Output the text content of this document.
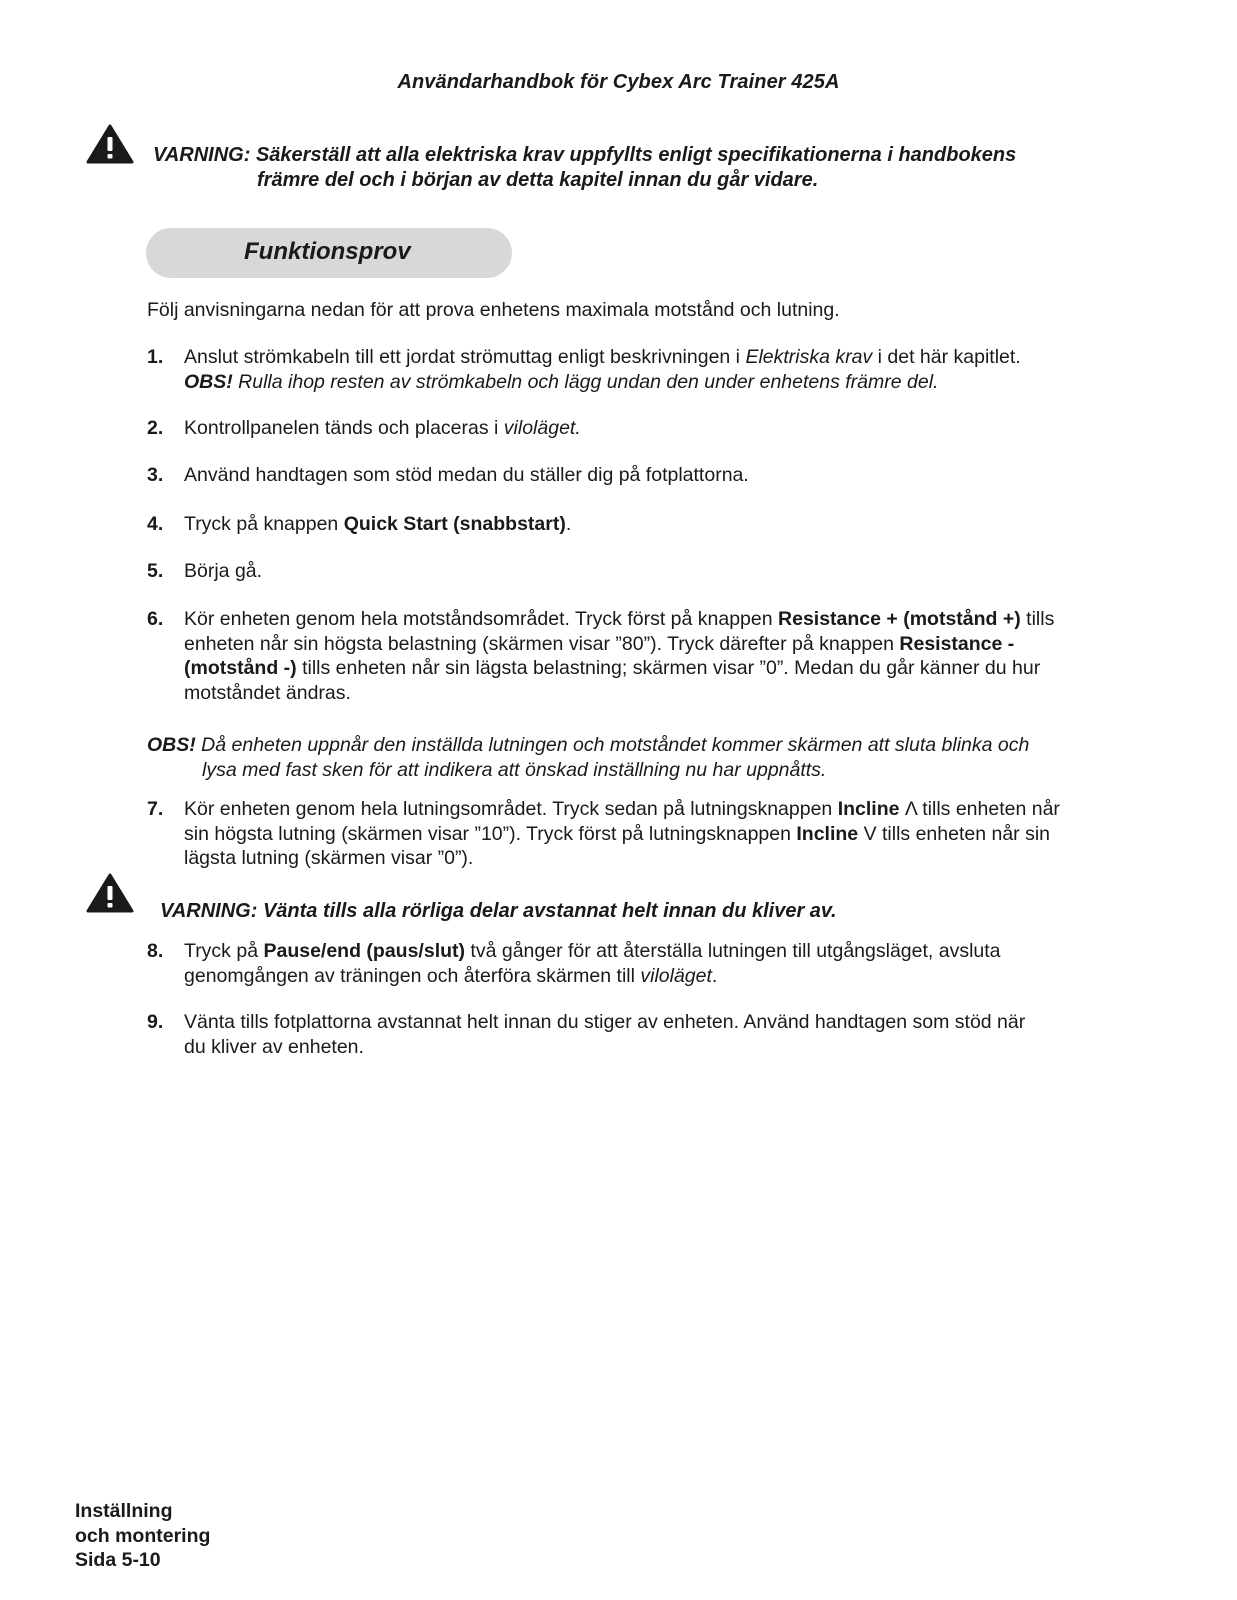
Användarhandbok för Cybex Arc Trainer 425A
VARNING: Säkerställ att alla elektriska krav uppfyllts enligt specifikationerna i handbokens
främre del och i början av detta kapitel innan du går vidare.
Funktionsprov
Följ anvisningarna nedan för att prova enhetens maximala motstånd och lutning.
1. Anslut strömkabeln till ett jordat strömuttag enligt beskrivningen i Elektriska krav i det här kapitlet.
OBS! Rulla ihop resten av strömkabeln och lägg undan den under enhetens främre del.
2. Kontrollpanelen tänds och placeras i viloläget.
3. Använd handtagen som stöd medan du ställer dig på fotplattorna.
4. Tryck på knappen Quick Start (snabbstart).
5. Börja gå.
6. Kör enheten genom hela motståndsområdet. Tryck först på knappen Resistance + (motstånd +) tills enheten når sin högsta belastning (skärmen visar ”80”). Tryck därefter på knappen Resistance - (motstånd -) tills enheten når sin lägsta belastning; skärmen visar ”0”. Medan du går känner du hur motståndet ändras.
OBS! Då enheten uppnår den inställda lutningen och motståndet kommer skärmen att sluta blinka och
lysa med fast sken för att indikera att önskad inställning nu har uppnåtts.
7. Kör enheten genom hela lutningsområdet. Tryck sedan på lutningsknappen Incline Λ tills enheten når sin högsta lutning (skärmen visar ”10”). Tryck först på lutningsknappen Incline V tills enheten når sin lägsta lutning (skärmen visar ”0”).
VARNING: Vänta tills alla rörliga delar avstannat helt innan du kliver av.
8. Tryck på Pause/end (paus/slut) två gånger för att återställa lutningen till utgångsläget, avsluta genomgången av träningen och återföra skärmen till viloläget.
9. Vänta tills fotplattorna avstannat helt innan du stiger av enheten. Använd handtagen som stöd när du kliver av enheten.
Inställning
och montering
Sida 5-10
